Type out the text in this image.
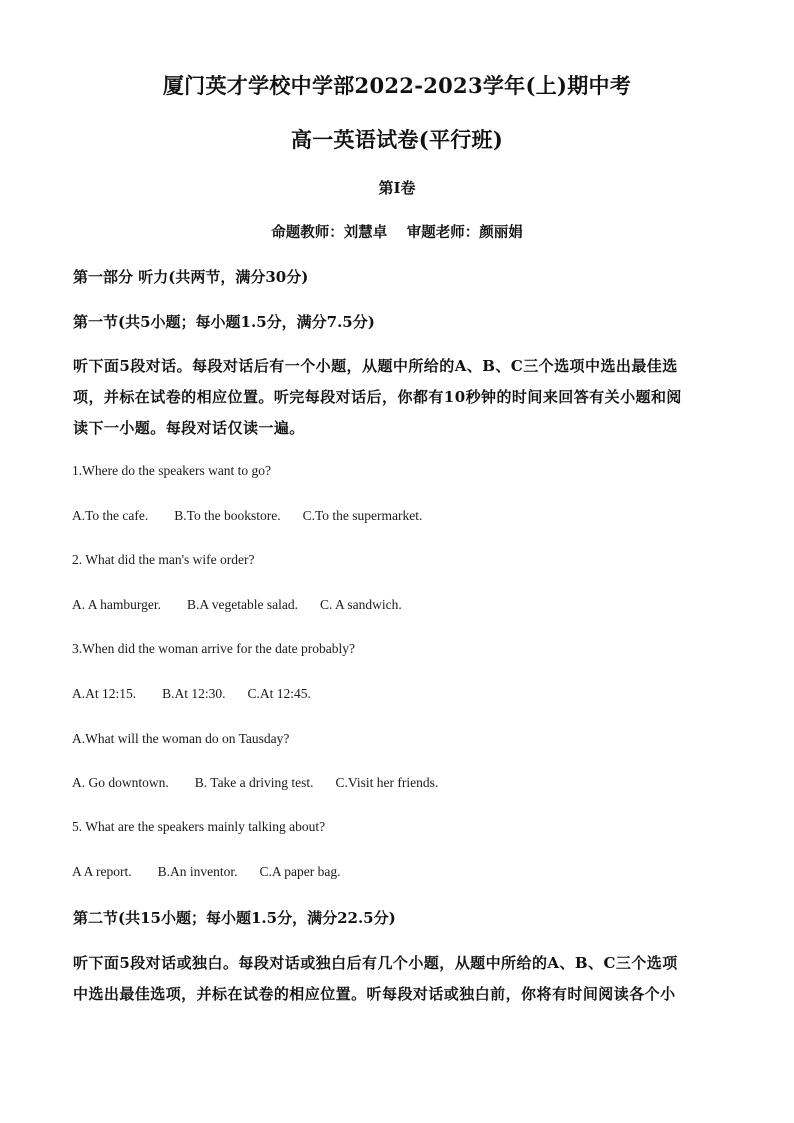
厦门英才学校中学部2022-2023学年(上)期中考
高一英语试卷(平行班)
第I卷
命题教师：刘慧卓　 审题老师：颜丽娟
第一部分 听力(共两节，满分30分)
第一节(共5小题；每小题1.5分，满分7.5分)
听下面5段对话。每段对话后有一个小题，从题中所给的A、B、C三个选项中选出最佳选
项，并标在试卷的相应位置。听完每段对话后，你都有10秒钟的时间来回答有关小题和阅
读下一小题。每段对话仅读一遍。
1.Where do the speakers want to go?
A.To the cafe. B.To the bookstore. C.To the supermarket.
2. What did the man's wife order?
A. A hamburger. B.A vegetable salad. C. A sandwich.
3.When did the woman arrive for the date probably?
A.At 12:15. B.At 12:30. C.At 12:45.
A.What will the woman do on Tausday?
A. Go downtown. B. Take a driving test. C.Visit her friends.
5. What are the speakers mainly talking about?
A A report. B.An inventor. C.A paper bag.
第二节(共15小题；每小题1.5分，满分22.5分)
听下面5段对话或独白。每段对话或独白后有几个小题，从题中所给的A、B、C三个选项
中选出最佳选项，并标在试卷的相应位置。听每段对话或独白前，你将有时间阅读各个小
